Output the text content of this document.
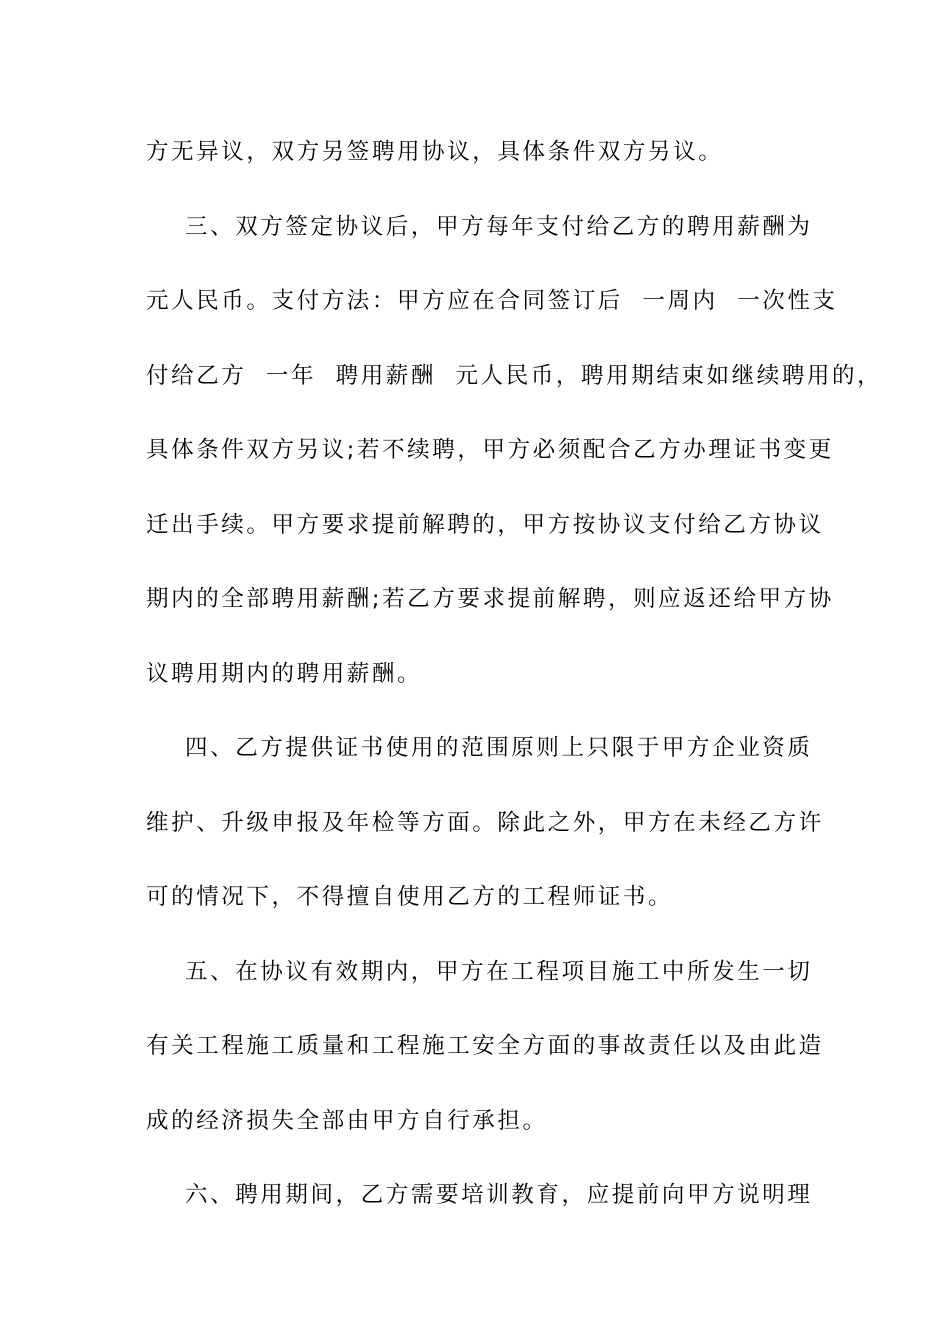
方无异议，双方另签聘用协议，具体条件双方另议。
三、双方签定协议后，甲方每年支付给乙方的聘用薪酬为
元人民币。支付方法：甲方应在合同签订后  一周内  一次性支
付给乙方  一年  聘用薪酬  元人民币，聘用期结束如继续聘用的，
具体条件双方另议;若不续聘，甲方必须配合乙方办理证书变更
迁出手续。甲方要求提前解聘的，甲方按协议支付给乙方协议
期内的全部聘用薪酬;若乙方要求提前解聘，则应返还给甲方协
议聘用期内的聘用薪酬。
四、乙方提供证书使用的范围原则上只限于甲方企业资质
维护、升级申报及年检等方面。除此之外，甲方在未经乙方许
可的情况下，不得擅自使用乙方的工程师证书。
五、在协议有效期内，甲方在工程项目施工中所发生一切
有关工程施工质量和工程施工安全方面的事故责任以及由此造
成的经济损失全部由甲方自行承担。
六、聘用期间，乙方需要培训教育，应提前向甲方说明理
